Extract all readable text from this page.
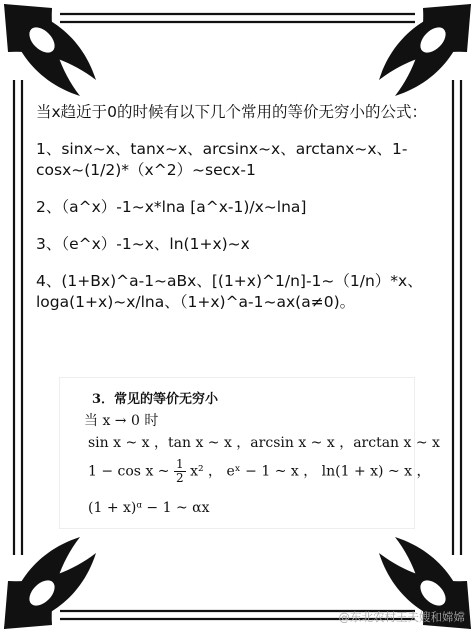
当x趋近于0的时候有以下几个常用的等价无穷小的公式：

1、sinx~x、tanx~x、arcsinx~x、arctanx~x、1-cosx~(1/2)*（x^2）~secx-1

2、（a^x）-1~x*lna [a^x-1)/x~lna]

3、（e^x）-1~x、ln(1+x)~x

4、(1+Bx)^a-1~aBx、[(1+x)^1/n]-1~（1/n）*x、loga(1+x)~x/lna、（1+x)^a-1~ax(a≠0)。

3．常见的等价无穷小
当 x → 0 时
sin x ~ x ，tan x ~ x ，arcsin x ~ x ，arctan x ~ x
1 − cos x ~ $\frac{1}{2} x^2$ ， eˣ − 1 ~ x ， ln(1 + x) ~ x ，
(1 + x)ᵅ − 1 ~ αx
@东北农村王夫嫂和嫦嫦
